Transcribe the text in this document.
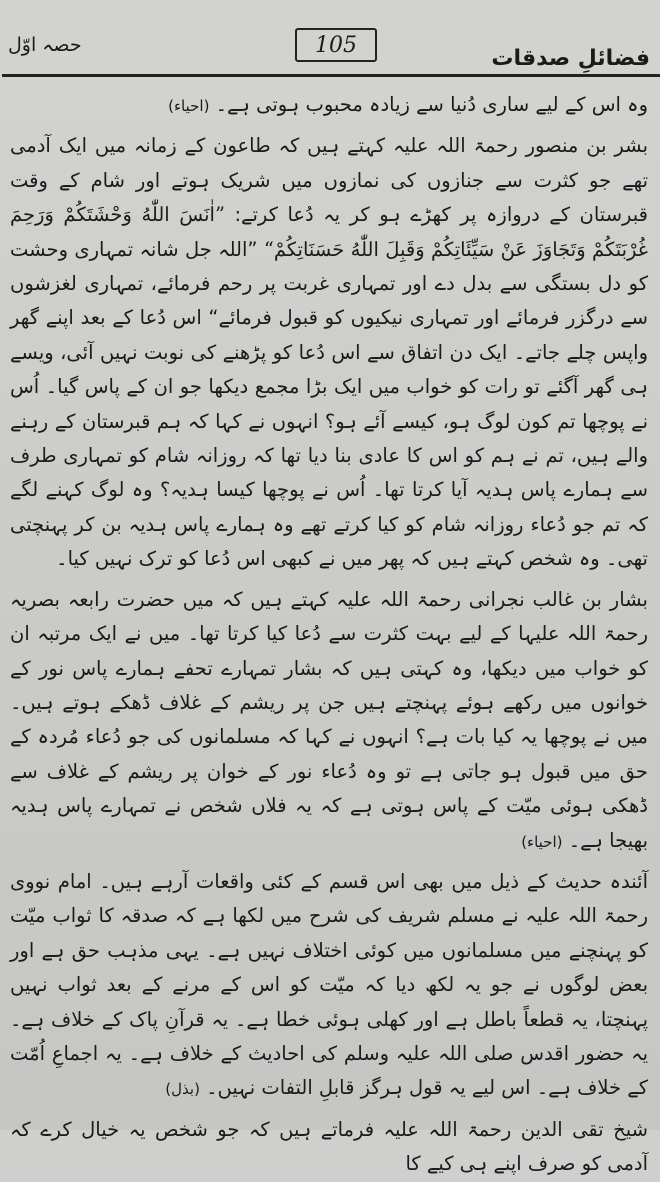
حصہ اوّل	105
فضائلِ صدقات

وہ اس کے لیے ساری دُنیا سے زیادہ محبوب ہوتی ہے۔ (احیاء)

بشر بن منصور رحمۃ اللہ علیہ کہتے ہیں کہ طاعون کے زمانہ میں ایک آدمی تھے جو کثرت سے جنازوں کی نمازوں میں شریک ہوتے اور شام کے وقت قبرستان کے دروازہ پر کھڑے ہو کر یہ دُعا کرتے: ”اٰنَسَ اللّٰهُ وَحْشَتَكُمْ وَرَحِمَ غُرْبَتَكُمْ وَتَجَاوَزَ عَنْ سَيِّئَاتِكُمْ وَقَبِلَ اللّٰهُ حَسَنَاتِكُمْ“ ”اللہ جل شانہ تمہاری وحشت کو دل بستگی سے بدل دے اور تمہاری غربت پر رحم فرمائے، تمہاری لغزشوں سے درگزر فرمائے اور تمہاری نیکیوں کو قبول فرمائے“ اس دُعا کے بعد اپنے گھر واپس چلے جاتے۔ ایک دن اتفاق سے اس دُعا کو پڑھنے کی نوبت نہیں آئی، ویسے ہی گھر آگئے تو رات کو خواب میں ایک بڑا مجمع دیکھا جو ان کے پاس گیا۔ اُس نے پوچھا تم کون لوگ ہو، کیسے آئے ہو؟ انہوں نے کہا کہ ہم قبرستان کے رہنے والے ہیں، تم نے ہم کو اس کا عادی بنا دیا تھا کہ روزانہ شام کو تمہاری طرف سے ہمارے پاس ہدیہ آیا کرتا تھا۔ اُس نے پوچھا کیسا ہدیہ؟ وہ لوگ کہنے لگے کہ تم جو دُعاء روزانہ شام کو کیا کرتے تھے وہ ہمارے پاس ہدیہ بن کر پہنچتی تھی۔ وہ شخص کہتے ہیں کہ پھر میں نے کبھی اس دُعا کو ترک نہیں کیا۔

بشار بن غالب نجرانی رحمۃ اللہ علیہ کہتے ہیں کہ میں حضرت رابعہ بصریہ رحمۃ اللہ علیہا کے لیے بہت کثرت سے دُعا کیا کرتا تھا۔ میں نے ایک مرتبہ ان کو خواب میں دیکھا، وہ کہتی ہیں کہ بشار تمہارے تحفے ہمارے پاس نور کے خوانوں میں رکھے ہوئے پہنچتے ہیں جن پر ریشم کے غلاف ڈھکے ہوتے ہیں۔ میں نے پوچھا یہ کیا بات ہے؟ انہوں نے کہا کہ مسلمانوں کی جو دُعاء مُردہ کے حق میں قبول ہو جاتی ہے تو وہ دُعاء نور کے خوان پر ریشم کے غلاف سے ڈھکی ہوئی میّت کے پاس ہوتی ہے کہ یہ فلاں شخص نے تمہارے پاس ہدیہ بھیجا ہے۔ (احیاء)

آئندہ حدیث کے ذیل میں بھی اس قسم کے کئی واقعات آرہے ہیں۔ امام نووی رحمۃ اللہ علیہ نے مسلم شریف کی شرح میں لکھا ہے کہ صدقہ کا ثواب میّت کو پہنچنے میں مسلمانوں میں کوئی اختلاف نہیں ہے۔ یہی مذہب حق ہے اور بعض لوگوں نے جو یہ لکھ دیا کہ میّت کو اس کے مرنے کے بعد ثواب نہیں پہنچتا، یہ قطعاً باطل ہے اور کھلی ہوئی خطا ہے۔ یہ قرآنِ پاک کے خلاف ہے۔ یہ حضور اقدس صلی اللہ علیہ وسلم کی احادیث کے خلاف ہے۔ یہ اجماعِ اُمّت کے خلاف ہے۔ اس لیے یہ قول ہرگز قابلِ التفات نہیں۔ (بذل)

شیخ تقی الدین رحمۃ اللہ علیہ فرماتے ہیں کہ جو شخص یہ خیال کرے کہ آدمی کو صرف اپنے ہی کیے کا
